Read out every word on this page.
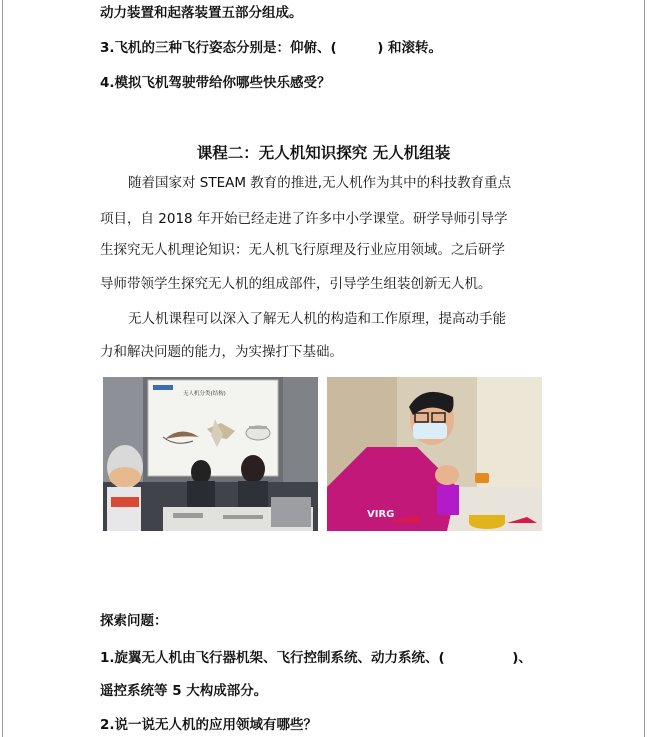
动力装置和起落装置五部分组成。
3.飞机的三种飞行姿态分别是：仰俯、(　　　) 和滚转。
4.模拟飞机驾驶带给你哪些快乐感受？
课程二：无人机知识探究 无人机组装
随着国家对 STEAM 教育的推进,无人机作为其中的科技教育重点
项目，自 2018 年开始已经走进了许多中小学课堂。研学导师引导学
生探究无人机理论知识：无人机飞行原理及行业应用领域。之后研学
导师带领学生探究无人机的组成部件，引导学生组装创新无人机。
无人机课程可以深入了解无人机的构造和工作原理，提高动手能
力和解决问题的能力，为实操打下基础。
无人机分类(结构)
VIRG
探索问题：
1.旋翼无人机由飞行器机架、飞行控制系统、动力系统、(　　　　　)、
遥控系统等 5 大构成部分。
2.说一说无人机的应用领域有哪些？
